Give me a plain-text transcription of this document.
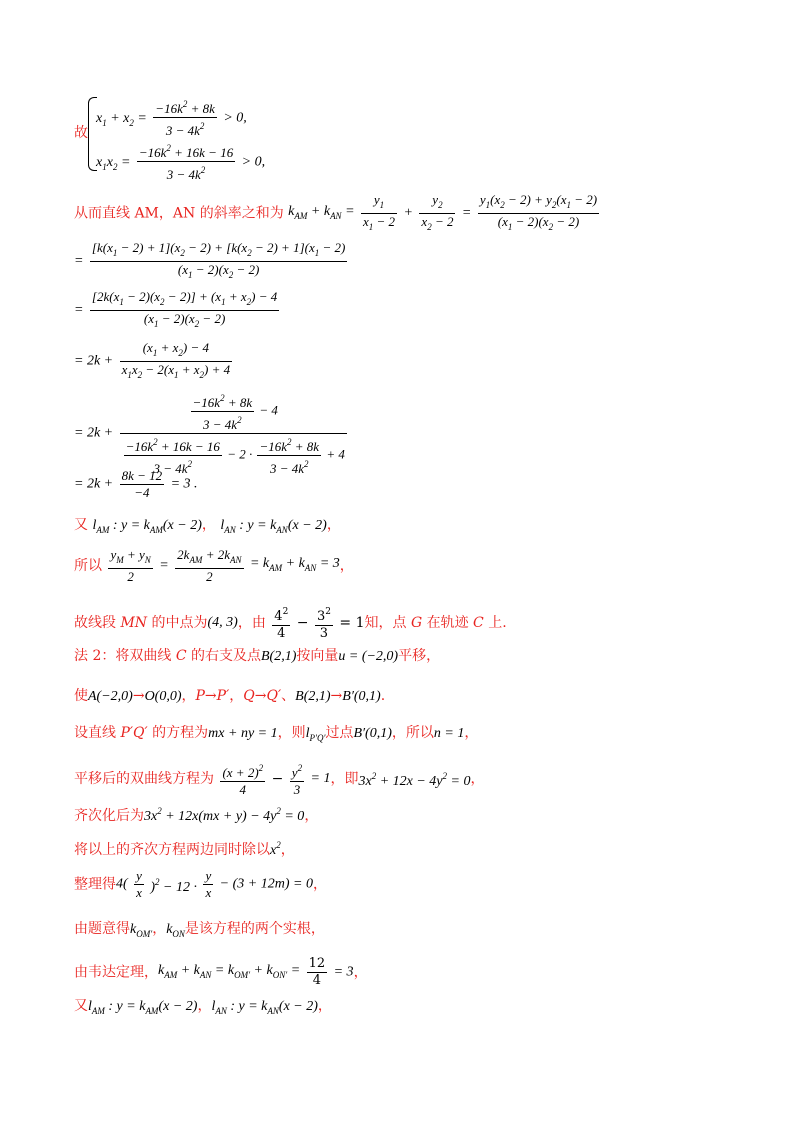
故
$x_1 + x_2 = \frac{-16k^2 + 8k}{3 - 4k^2} > 0$,
$x_1x_2 = \frac{-16k^2 + 16k - 16}{3 - 4k^2} > 0$,
从而直线 AM，AN 的斜率之和为 $k_{AM} + k_{AN} = \frac{y_1}{x_1 - 2} + \frac{y_2}{x_2 - 2} = \frac{y_1(x_2 - 2) + y_2(x_1 - 2)}{(x_1 - 2)(x_2 - 2)}$
= $\frac{[k(x_1 - 2) + 1](x_2 - 2) + [k(x_2 - 2) + 1](x_1 - 2)}{(x_1 - 2)(x_2 - 2)}$
= $\frac{[2k(x_1 - 2)(x_2 - 2)] + (x_1 + x_2) - 4}{(x_1 - 2)(x_2 - 2)}$
= $2k + \frac{(x_1 + x_2) - 4}{x_1x_2 - 2(x_1 + x_2) + 4}$
= 2k +	$\frac{-16k^2 + 8k}{3 - 4k^2} - 4$
$\frac{-16k^2 + 16k - 16}{3 - 4k^2} - 2 \cdot \frac{-16k^2 + 8k}{3 - 4k^2} + 4$
= $2k + \frac{8k - 12}{-4} = 3$ .
又 $l_{AM}$ : $y = k_{AM}(x - 2)$， $l_{AN}$ : $y = k_{AN}(x - 2)$，
所以 $\frac{y_M + y_N}{2} = \frac{2k_{AM} + 2k_{AN}}{2} = k_{AM} + k_{AN} = 3$，
故线段 MN 的中点为(4, 3)，由 $\frac{4^2}{4} - \frac{3^2}{3} = 1$知，点 G 在轨迹 C 上.
法 2：将双曲线 C 的右支及点B(2,1)按向量u = (−2,0)平移，
使A(−2,0)→O(0,0)，P→P′，Q→Q′、B(2,1)→B′(0,1).
设直线 P′Q′ 的方程为mx + ny = 1，则$l_{P'Q'}$过点B′(0,1)，所以n = 1，
平移后的双曲线方程为 $\frac{(x + 2)^2}{4} - \frac{y^2}{3} = 1$，即$3x^2 + 12x - 4y^2 = 0$，
齐次化后为$3x^2 + 12x(mx + y) - 4y^2 = 0$，
将以上的齐次方程两边同时除以$x^2$，
整理得$4( \frac{y}{x} )^2 - 12 \cdot \frac{y}{x} - (3 + 12m) = 0$，
由题意得$k_{OM'}$，$k_{ON}$是该方程的两个实根，
由韦达定理，$k_{AM} + k_{AN} = k_{OM'} + k_{ON'} = \frac{12}{4} = 3$，
又$l_{AM}$ : $y = k_{AM}(x - 2)$，$l_{AN}$ : $y = k_{AN}(x - 2)$，
